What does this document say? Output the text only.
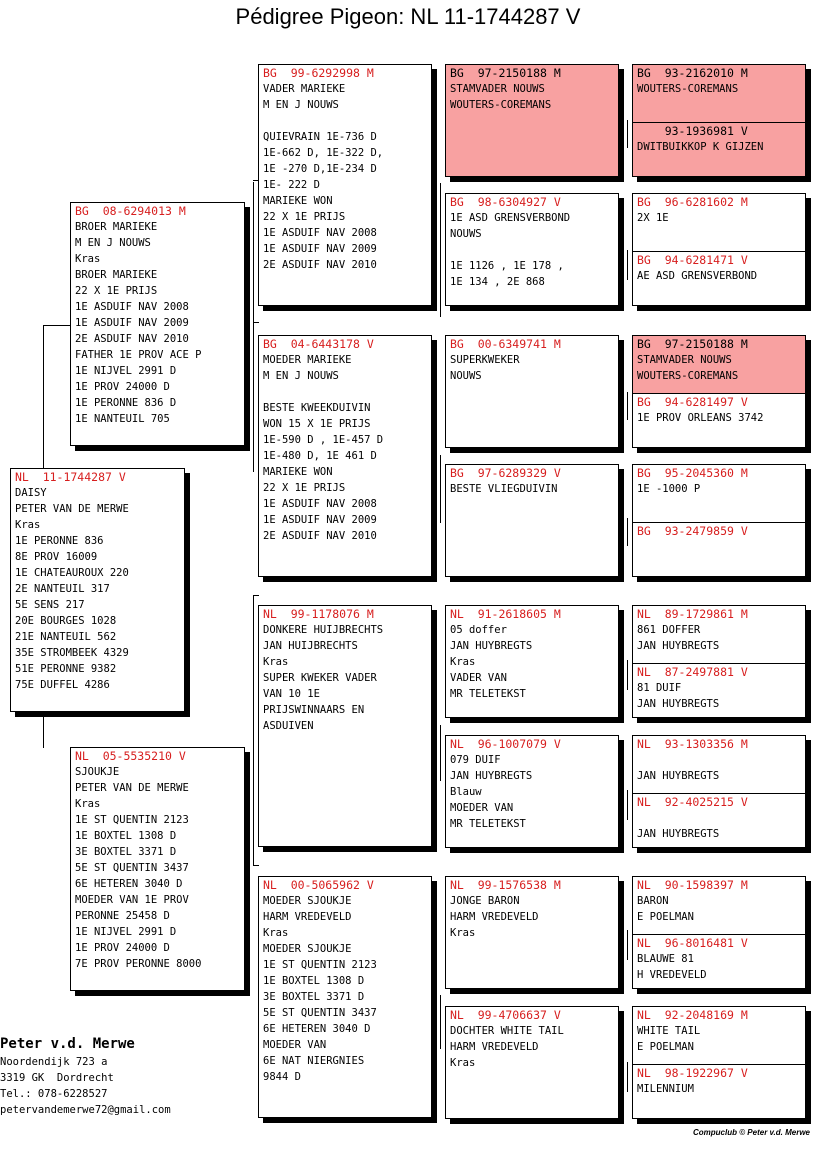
Pédigree Pigeon: NL 11-1744287 V
NL  11-1744287 V
DAISY
PETER VAN DE MERWE
Kras
1E PERONNE 836
8E PROV 16009
1E CHATEAUROUX 220
2E NANTEUIL 317
5E SENS 217
20E BOURGES 1028
21E NANTEUIL 562
35E STROMBEEK 4329
51E PERONNE 9382
75E DUFFEL 4286
BG  08-6294013 M
BROER MARIEKE
M EN J NOUWS
Kras
BROER MARIEKE
22 X 1E PRIJS
1E ASDUIF NAV 2008
1E ASDUIF NAV 2009
2E ASDUIF NAV 2010
FATHER 1E PROV ACE P
1E NIJVEL 2991 D
1E PROV 24000 D
1E PERONNE 836 D
1E NANTEUIL 705
NL  05-5535210 V
SJOUKJE
PETER VAN DE MERWE
Kras
1E ST QUENTIN 2123
1E BOXTEL 1308 D
3E BOXTEL 3371 D
5E ST QUENTIN 3437
6E HETEREN 3040 D
MOEDER VAN 1E PROV
PERONNE 25458 D
1E NIJVEL 2991 D
1E PROV 24000 D
7E PROV PERONNE 8000
BG  99-6292998 M
VADER MARIEKE
M EN J NOUWS
QUIEVRAIN 1E-736 D
1E-662 D, 1E-322 D,
1E -270 D,1E-234 D
1E- 222 D
MARIEKE WON
22 X 1E PRIJS
1E ASDUIF NAV 2008
1E ASDUIF NAV 2009
2E ASDUIF NAV 2010
BG  04-6443178 V
MOEDER MARIEKE
M EN J NOUWS
BESTE KWEEKDUIVIN
WON 15 X 1E PRIJS
1E-590 D , 1E-457 D
1E-480 D, 1E 461 D
MARIEKE WON
22 X 1E PRIJS
1E ASDUIF NAV 2008
1E ASDUIF NAV 2009
2E ASDUIF NAV 2010
NL  99-1178076 M
DONKERE HUIJBRECHTS
JAN HUIJBRECHTS
Kras
SUPER KWEKER VADER
VAN 10 1E
PRIJSWINNAARS EN
ASDUIVEN
NL  00-5065962 V
MOEDER SJOUKJE
HARM VREDEVELD
Kras
MOEDER SJOUKJE
1E ST QUENTIN 2123
1E BOXTEL 1308 D
3E BOXTEL 3371 D
5E ST QUENTIN 3437
6E HETEREN 3040 D
MOEDER VAN
6E NAT NIERGNIES
9844 D
BG  97-2150188 M
STAMVADER NOUWS
WOUTERS-COREMANS
BG  98-6304927 V
1E ASD GRENSVERBOND
NOUWS
1E 1126 , 1E 178 ,
1E 134 , 2E 868
BG  00-6349741 M
SUPERKWEKER
NOUWS
BG  97-6289329 V
BESTE VLIEGDUIVIN
NL  91-2618605 M
05 doffer
JAN HUYBREGTS
Kras
VADER VAN
MR TELETEKST
NL  96-1007079 V
079 DUIF
JAN HUYBREGTS
Blauw
MOEDER VAN
MR TELETEKST
NL  99-1576538 M
JONGE BARON
HARM VREDEVELD
Kras
NL  99-4706637 V
DOCHTER WHITE TAIL
HARM VREDEVELD
Kras
BG  93-2162010 M
WOUTERS-COREMANS
93-1936981 V
DWITBUIKKOP K GIJZEN
BG  96-6281602 M
2X 1E
BG  94-6281471 V
AE ASD GRENSVERBOND
BG  97-2150188 M
STAMVADER NOUWS
WOUTERS-COREMANS
BG  94-6281497 V
1E PROV ORLEANS 3742
BG  95-2045360 M
1E -1000 P
BG  93-2479859 V
NL  89-1729861 M
861 DOFFER
JAN HUYBREGTS
NL  87-2497881 V
81 DUIF
JAN HUYBREGTS
NL  93-1303356 M
JAN HUYBREGTS
NL  92-4025215 V
JAN HUYBREGTS
NL  90-1598397 M
BARON
E POELMAN
NL  96-8016481 V
BLAUWE 81
H VREDEVELD
NL  92-2048169 M
WHITE TAIL
E POELMAN
NL  98-1922967 V
MILENNIUM
Peter v.d. Merwe
Noordendijk 723 a
3319 GK  Dordrecht
Tel.: 078-6228527
petervandemerwe72@gmail.com
Compuclub © Peter v.d. Merwe
